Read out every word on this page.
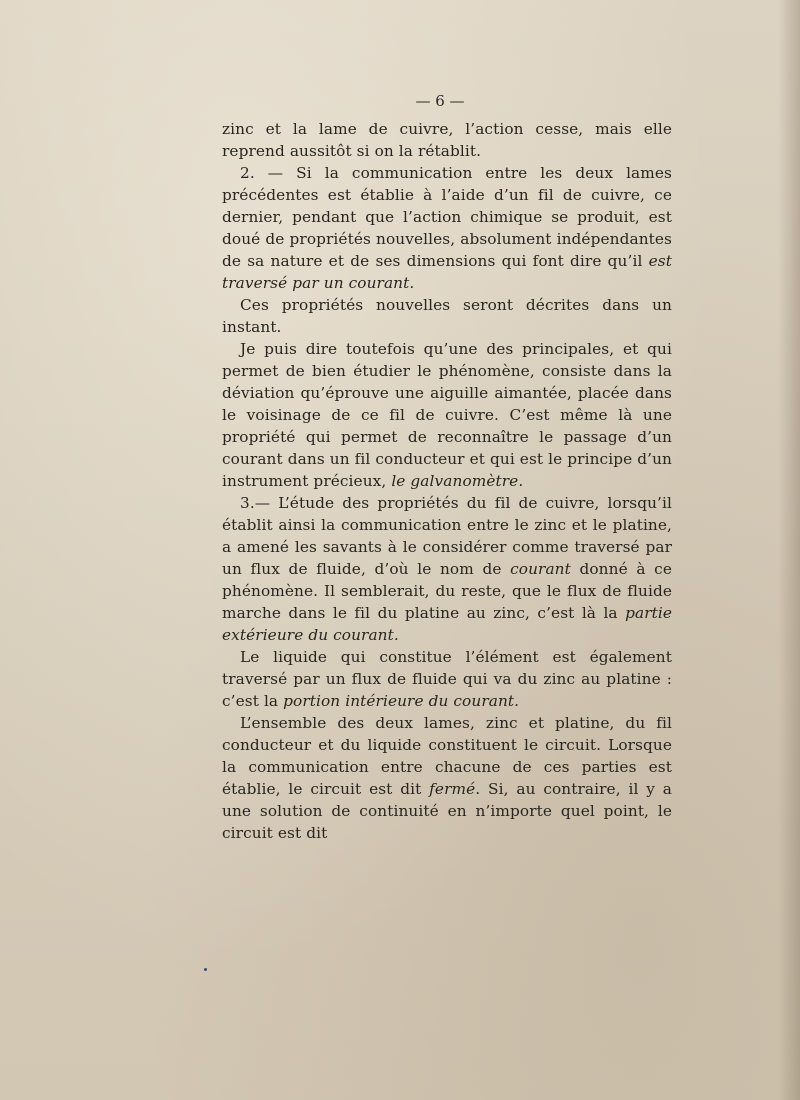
— 6 —

zinc et la lame de cuivre, l’action cesse, mais elle reprend aussitôt si on la rétablit.

2. — Si la communication entre les deux lames précédentes est établie à l’aide d’un fil de cuivre, ce dernier, pendant que l’action chimique se produit, est doué de propriétés nouvelles, absolument indépendantes de sa nature et de ses dimensions qui font dire qu’il est traversé par un courant.

Ces propriétés nouvelles seront décrites dans un instant.

Je puis dire toutefois qu’une des principales, et qui permet de bien étudier le phénomène, consiste dans la déviation qu’éprouve une aiguille aimantée, placée dans le voisinage de ce fil de cuivre. C’est même là une propriété qui permet de reconnaître le passage d’un courant dans un fil conducteur et qui est le principe d’un instrument précieux, le galvanomètre.

3.— L’étude des propriétés du fil de cuivre, lorsqu’il établit ainsi la communication entre le zinc et le platine, a amené les savants à le considérer comme traversé par un flux de fluide, d’où le nom de courant donné à ce phénomène. Il semblerait, du reste, que le flux de fluide marche dans le fil du platine au zinc, c’est là la partie extérieure du courant.

Le liquide qui constitue l’élément est également traversé par un flux de fluide qui va du zinc au platine : c’est la portion intérieure du courant.

L’ensemble des deux lames, zinc et platine, du fil conducteur et du liquide constituent le circuit. Lorsque la communication entre chacune de ces parties est établie, le circuit est dit fermé. Si, au contraire, il y a une solution de continuité en n’importe quel point, le circuit est dit
